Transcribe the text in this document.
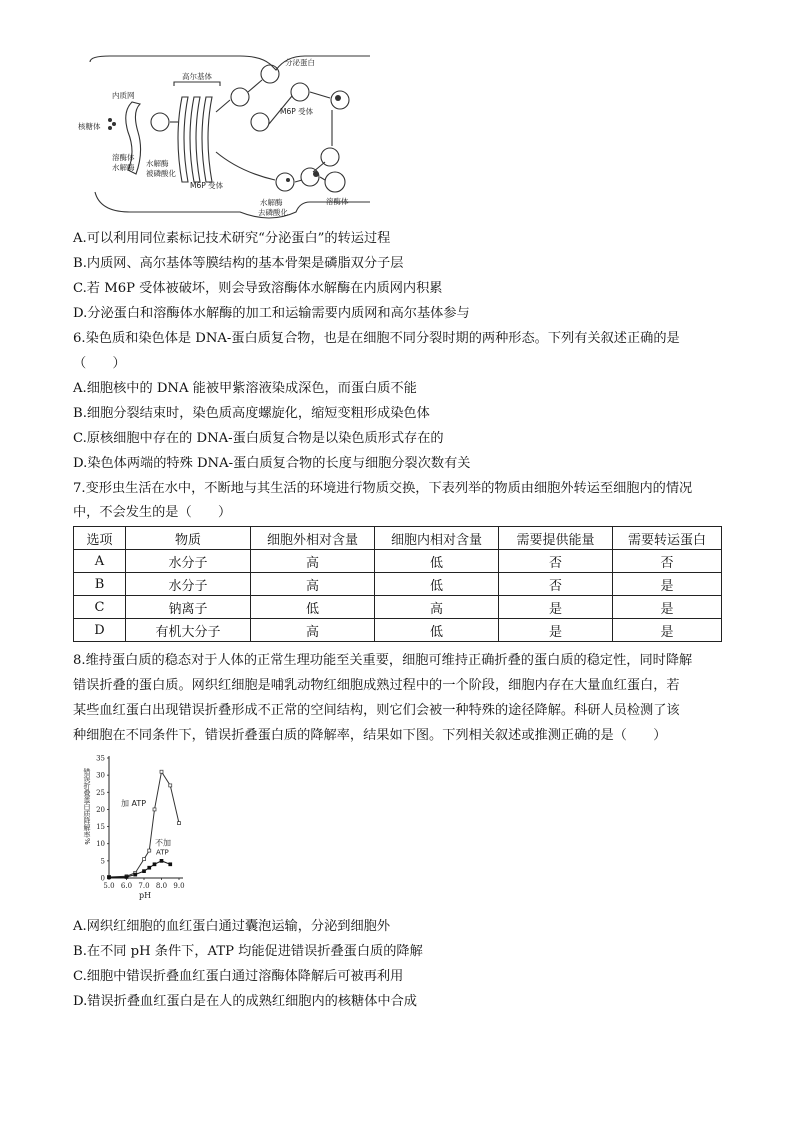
高尔基体
分泌蛋白
内质网
核糖体
溶酶体
水解酶
M6P 受体
水解酶
被磷酸化
M6P 受体
水解酶
去磷酸化
溶酶体
A.可以利用同位素标记技术研究“分泌蛋白”的转运过程
B.内质网、高尔基体等膜结构的基本骨架是磷脂双分子层
C.若 M6P 受体被破坏，则会导致溶酶体水解酶在内质网内积累
D.分泌蛋白和溶酶体水解酶的加工和运输需要内质网和高尔基体参与
6.染色质和染色体是 DNA-蛋白质复合物，也是在细胞不同分裂时期的两种形态。下列有关叙述正确的是
（　　）
A.细胞核中的 DNA 能被甲紫溶液染成深色，而蛋白质不能
B.细胞分裂结束时，染色质高度螺旋化，缩短变粗形成染色体
C.原核细胞中存在的 DNA-蛋白质复合物是以染色质形式存在的
D.染色体两端的特殊 DNA-蛋白质复合物的长度与细胞分裂次数有关
7.变形虫生活在水中，不断地与其生活的环境进行物质交换，下表列举的物质由细胞外转运至细胞内的情况
中，不会发生的是（　　）
选项	物质	细胞外相对含量	细胞内相对含量	需要提供能量	需要转运蛋白
A	水分子	高	低	否	否
B	水分子	高	低	否	是
C	钠离子	低	高	是	是
D	有机大分子	高	低	是	是
8.维持蛋白质的稳态对于人体的正常生理功能至关重要，细胞可维持正确折叠的蛋白质的稳定性，同时降解
错误折叠的蛋白质。网织红细胞是哺乳动物红细胞成熟过程中的一个阶段，细胞内存在大量血红蛋白，若
某些血红蛋白出现错误折叠形成不正常的空间结构，则它们会被一种特殊的途径降解。科研人员检测了该
种细胞在不同条件下，错误折叠蛋白质的降解率，结果如下图。下列相关叙述或推测正确的是（　　）
0
5
10
15
20
25
30
35
5.0 6.0 7.0 8.0 9.0
pH
错误折叠蛋白质降解率%	加 ATP
不加
ATP
A.网织红细胞的血红蛋白通过囊泡运输，分泌到细胞外
B.在不同 pH 条件下，ATP 均能促进错误折叠蛋白质的降解
C.细胞中错误折叠血红蛋白通过溶酶体降解后可被再利用
D.错误折叠血红蛋白是在人的成熟红细胞内的核糖体中合成
